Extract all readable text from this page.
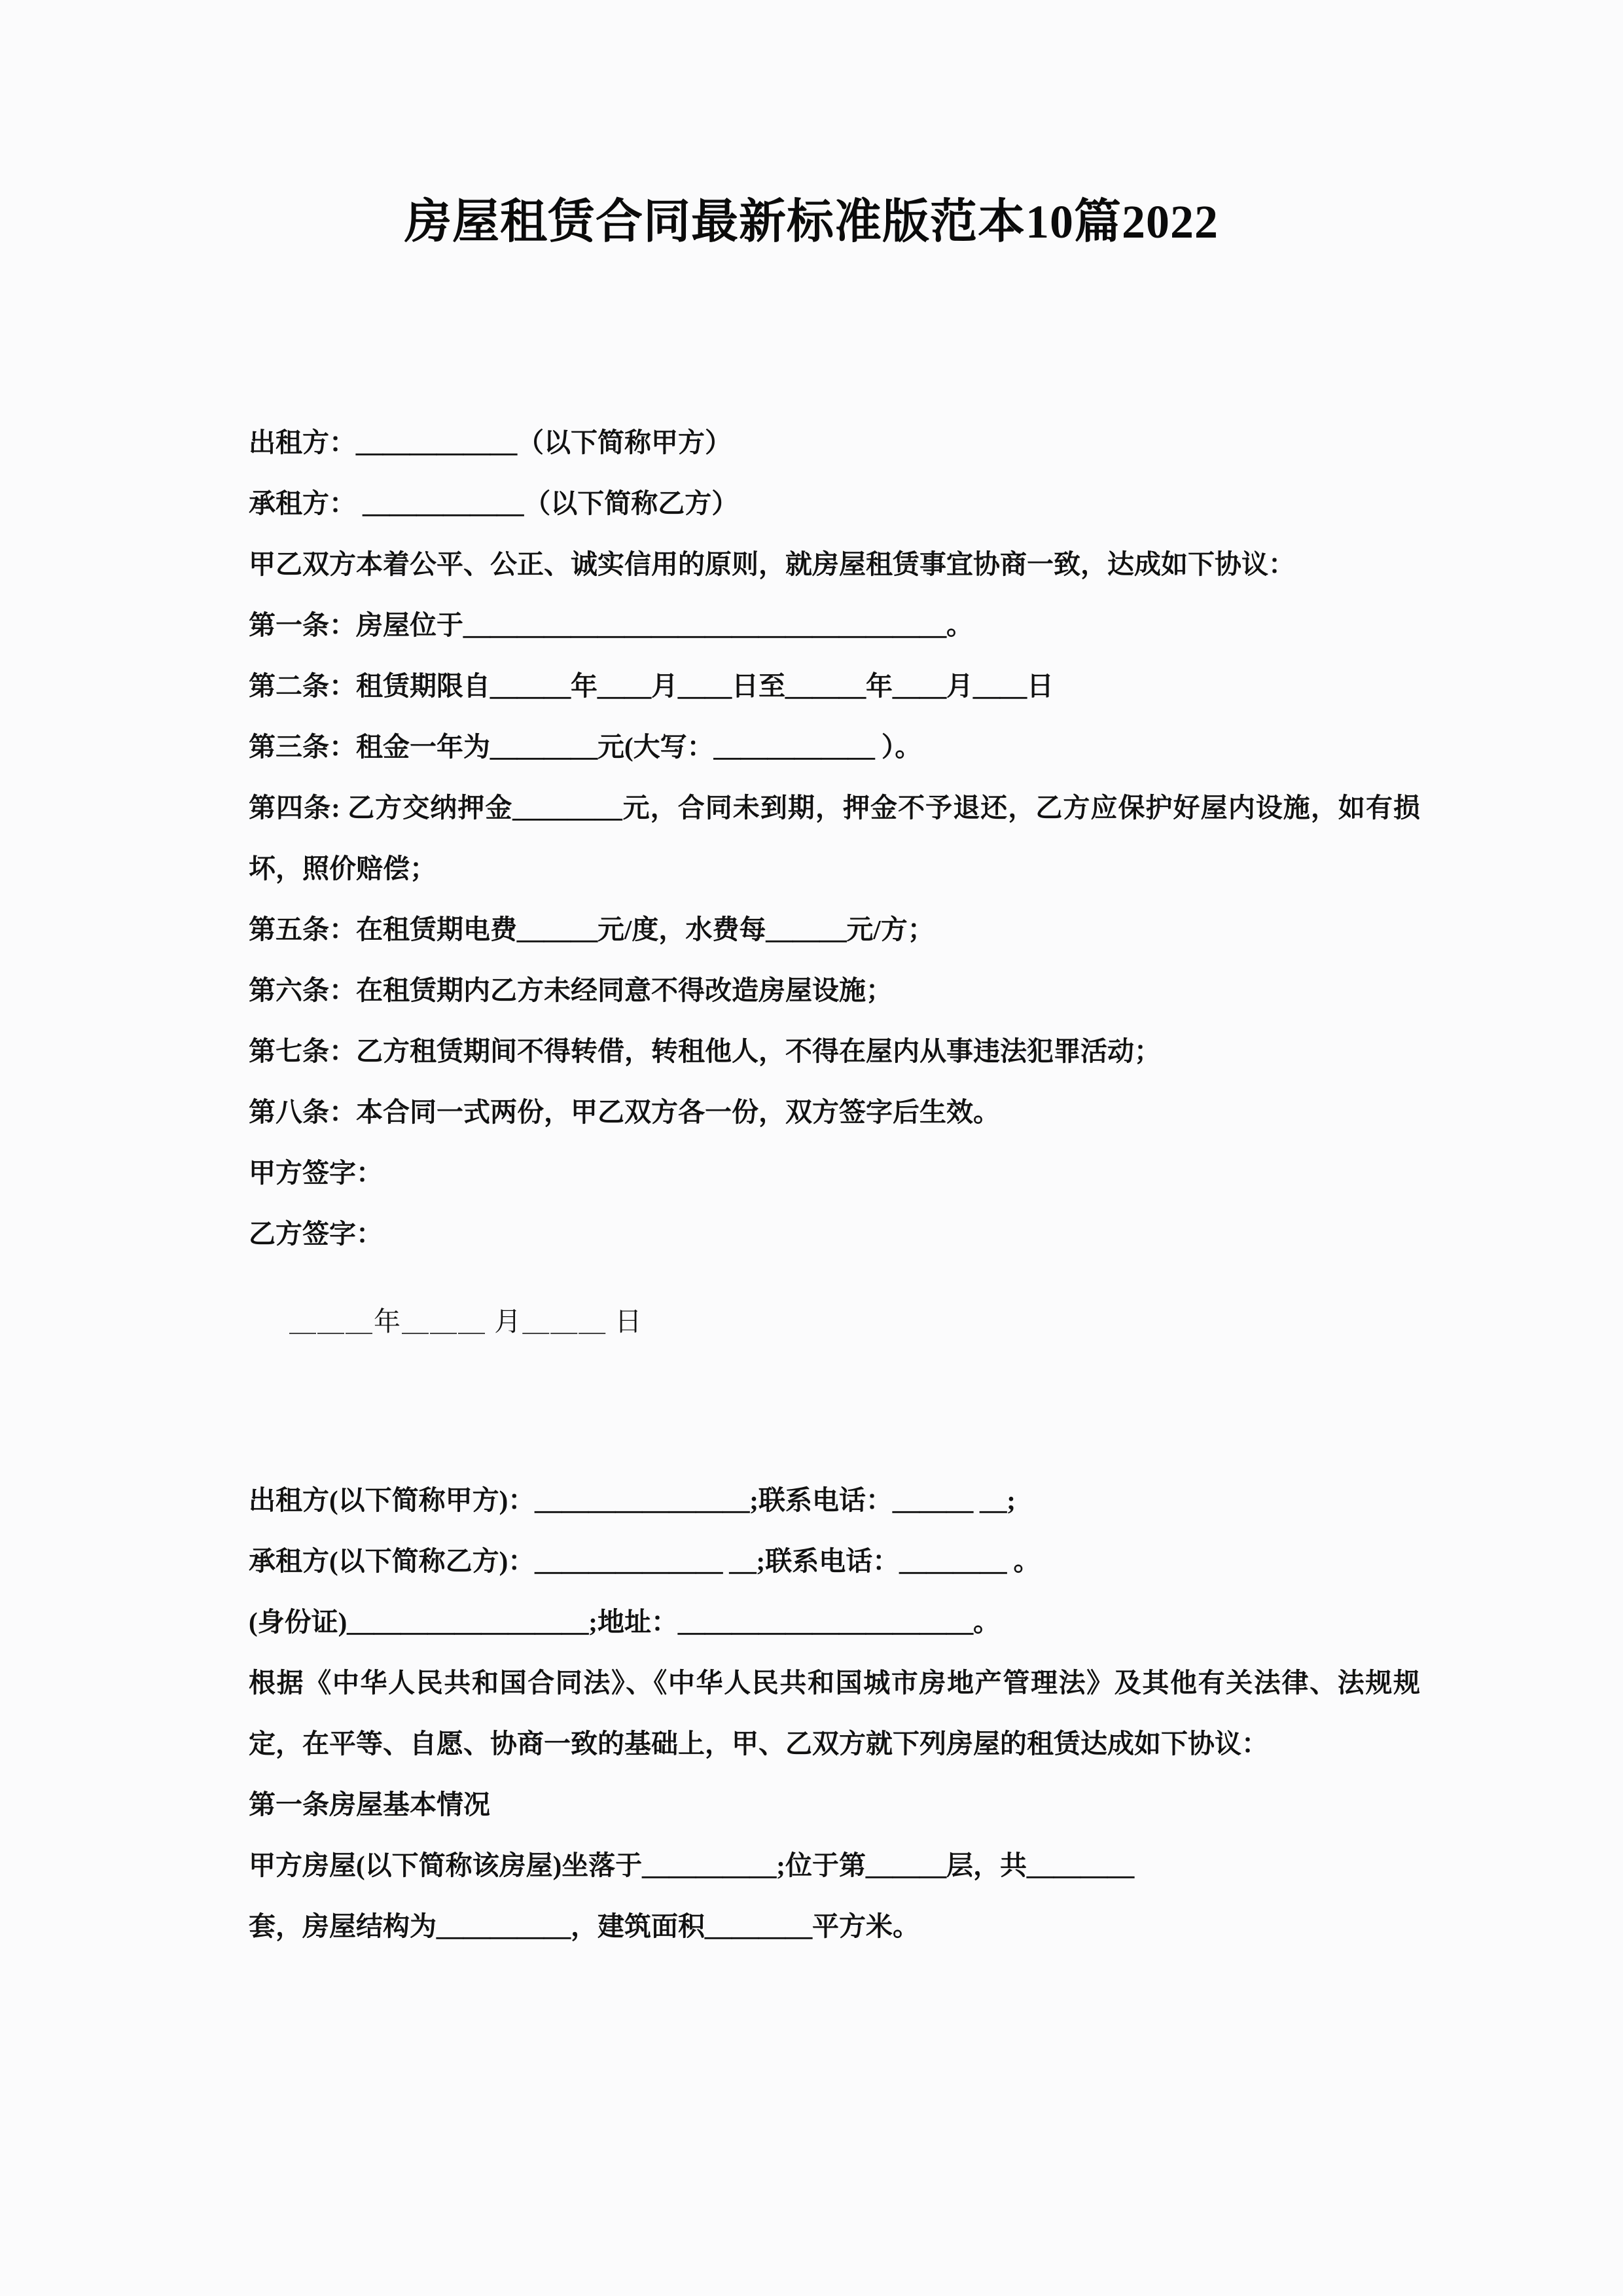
房屋租赁合同最新标准版范本10篇2022

出租方：＿＿＿＿＿＿（以下简称甲方）

承租方： ＿＿＿＿＿＿（以下简称乙方）

甲乙双方本着公平、公正、诚实信用的原则，就房屋租赁事宜协商一致，达成如下协议：

第一条：房屋位于＿＿＿＿＿＿＿＿＿＿＿＿＿＿＿＿＿＿。

第二条：租赁期限自＿＿＿年＿＿月＿＿日至＿＿＿年＿＿月＿＿日

第三条：租金一年为＿＿＿＿元(大写：＿＿＿＿＿＿ ）。

第四条: 乙方交纳押金＿＿＿＿元，合同未到期，押金不予退还，乙方应保护好屋内设施，如有损坏，照价赔偿；

第五条：在租赁期电费＿＿＿元/度，水费每＿＿＿元/方；

第六条：在租赁期内乙方未经同意不得改造房屋设施；

第七条：乙方租赁期间不得转借，转租他人，不得在屋内从事违法犯罪活动；

第八条：本合同一式两份，甲乙双方各一份，双方签字后生效。

甲方签字：

乙方签字：

＿＿＿年＿＿＿ 月＿＿＿ 日

出租方(以下简称甲方)：＿＿＿＿＿＿＿＿;联系电话：＿＿＿ ＿;

承租方(以下简称乙方)：＿＿＿＿＿＿＿ ＿;联系电话：＿＿＿＿ 。

(身份证)＿＿＿＿＿＿＿＿＿;地址：＿＿＿＿＿＿＿＿＿＿＿。

根据《中华人民共和国合同法》、《中华人民共和国城市房地产管理法》及其他有关法律、法规规定，在平等、自愿、协商一致的基础上，甲、乙双方就下列房屋的租赁达成如下协议：

第一条房屋基本情况

甲方房屋(以下简称该房屋)坐落于＿＿＿＿＿;位于第＿＿＿层，共＿＿＿＿

套，房屋结构为＿＿＿＿＿，建筑面积＿＿＿＿平方米。
